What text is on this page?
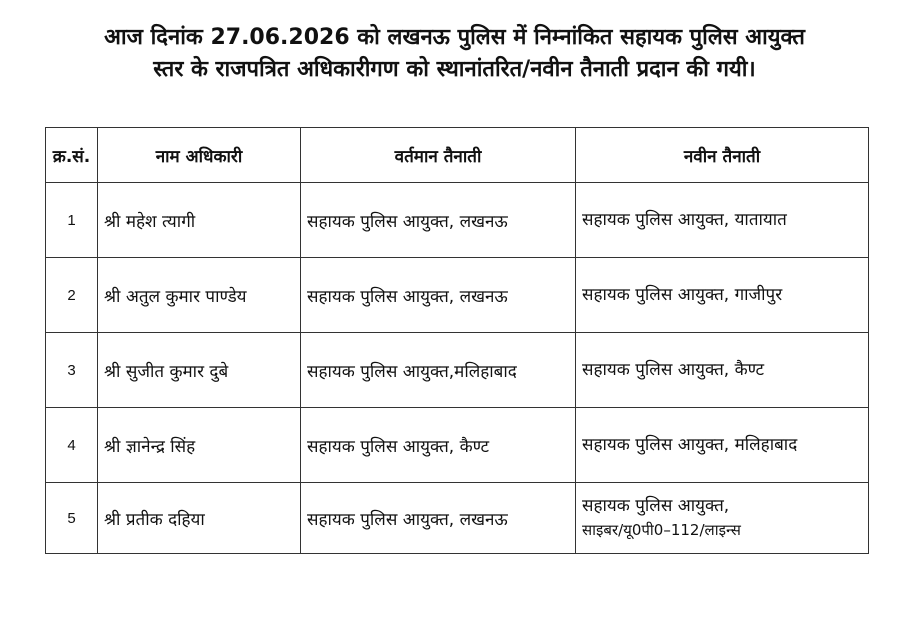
आज दिनांक 27.06.2026 को लखनऊ पुलिस में निम्नांकित सहायक पुलिस आयुक्त
स्तर के राजपत्रित अधिकारीगण को स्थानांतरित/नवीन तैनाती प्रदान की गयी।
क्र.सं.	नाम अधिकारी	वर्तमान तैनाती	नवीन तैनाती
1	श्री महेश त्यागी	सहायक पुलिस आयुक्त, लखनऊ	सहायक पुलिस आयुक्त, यातायात

2	श्री अतुल कुमार पाण्डेय	सहायक पुलिस आयुक्त, लखनऊ	सहायक पुलिस आयुक्त, गाजीपुर

3	श्री सुजीत कुमार दुबे	सहायक पुलिस आयुक्त,मलिहाबाद	सहायक पुलिस आयुक्त, कैण्ट

4	श्री ज्ञानेन्द्र सिंह	सहायक पुलिस आयुक्त, कैण्ट	सहायक पुलिस आयुक्त, मलिहाबाद

5	श्री प्रतीक दहिया	सहायक पुलिस आयुक्त, लखनऊ	सहायक पुलिस आयुक्त,
साइबर/यू0पी0–112/लाइन्स
